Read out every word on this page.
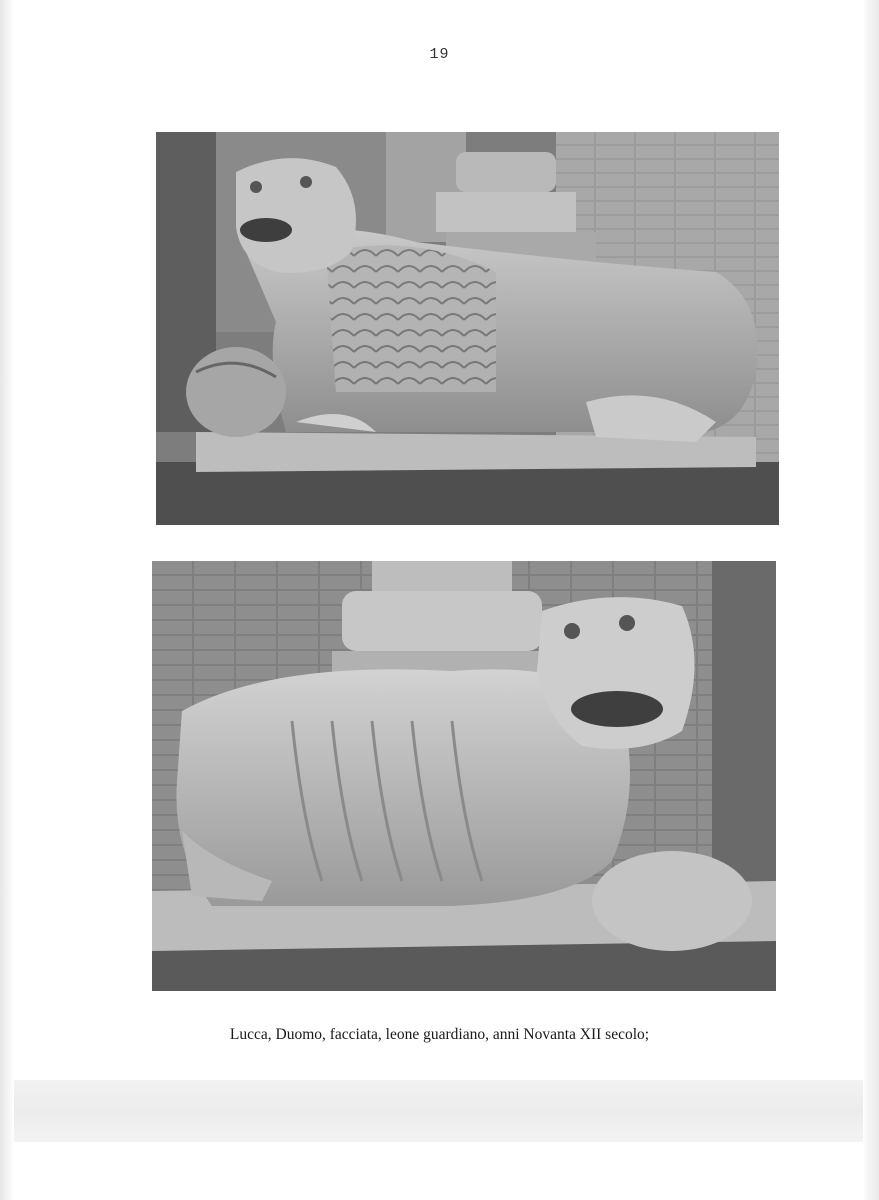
19
Lucca, Duomo, facciata, leone guardiano, anni Novanta XII secolo;
